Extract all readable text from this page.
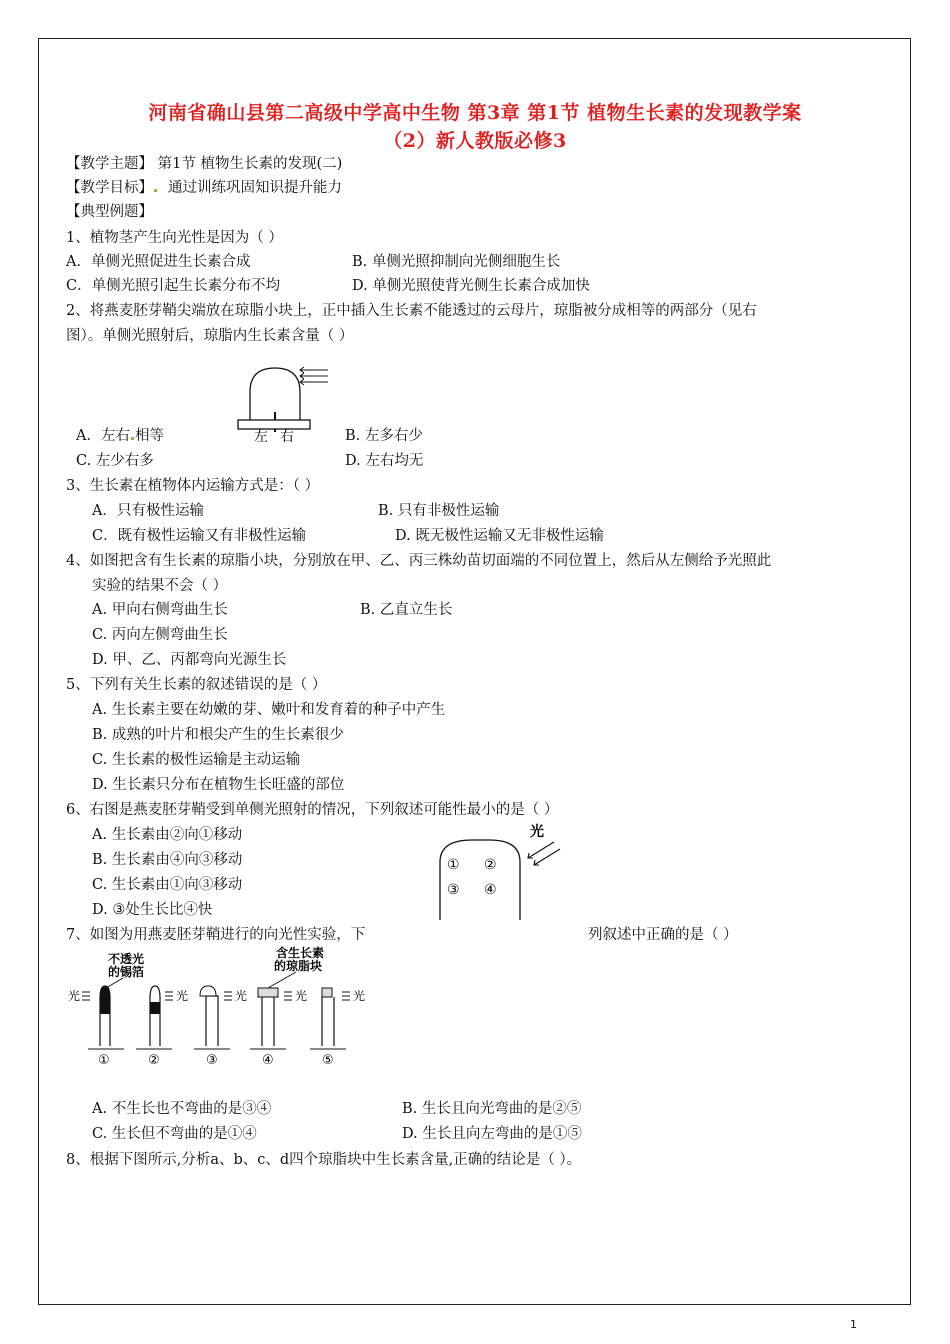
河南省确山县第二高级中学高中生物 第3章 第1节 植物生长素的发现教学案
（2）新人教版必修3
【教学主题】 第1节 植物生长素的发现(二)
【教学目标】 通过训练巩固知识提升能力
【典型例题】
1、植物茎产生向光性是因为（ ）
A．单侧光照促进生长素合成	B. 单侧光照抑制向光侧细胞生长
C．单侧光照引起生长素分布不均	D. 单侧光照使背光侧生长素合成加快
2、将燕麦胚芽鞘尖端放在琼脂小块上，正中插入生长素不能透过的云母片，琼脂被分成相等的两部分（见右
图）。单侧光照射后，琼脂内生长素含量（ ）
左 右
A．左右 相等	B. 左多右少
C. 左少右多	D. 左右均无
3、生长素在植物体内运输方式是：（ ）
A．只有极性运输	B. 只有非极性运输
C．既有极性运输又有非极性运输	D. 既无极性运输又无非极性运输
4、如图把含有生长素的琼脂小块，分别放在甲、乙、丙三株幼苗切面端的不同位置上，然后从左侧给予光照此
实验的结果不会（ ）
A. 甲向右侧弯曲生长	B. 乙直立生长
C. 丙向左侧弯曲生长
D. 甲、乙、丙都弯向光源生长
5、下列有关生长素的叙述错误的是（ ）
A. 生长素主要在幼嫩的芽、嫩叶和发育着的种子中产生
B. 成熟的叶片和根尖产生的生长素很少
C. 生长素的极性运输是主动运输
D. 生长素只分布在植物生长旺盛的部位
6、右图是燕麦胚芽鞘受到单侧光照射的情况，下列叙述可能性最小的是（ ）
A. 生长素由②向①移动
B. 生长素由④向③移动
C. 生长素由①向③移动
D. ③处生长比④快
① ②
③ ④
光
7、如图为用燕麦胚芽鞘进行的向光性实验，下	列叙述中正确的是（ ）
不透光
的锡箔
含生长素
的琼脂块
光	光	光	光	光
①	②	③	④	⑤
A. 不生长也不弯曲的是③④	B. 生长且向光弯曲的是②⑤
C. 生长但不弯曲的是①④	D. 生长且向左弯曲的是①⑤
8、根据下图所示,分析a、b、c、d四个琼脂块中生长素含量,正确的结论是（ ）。
1
